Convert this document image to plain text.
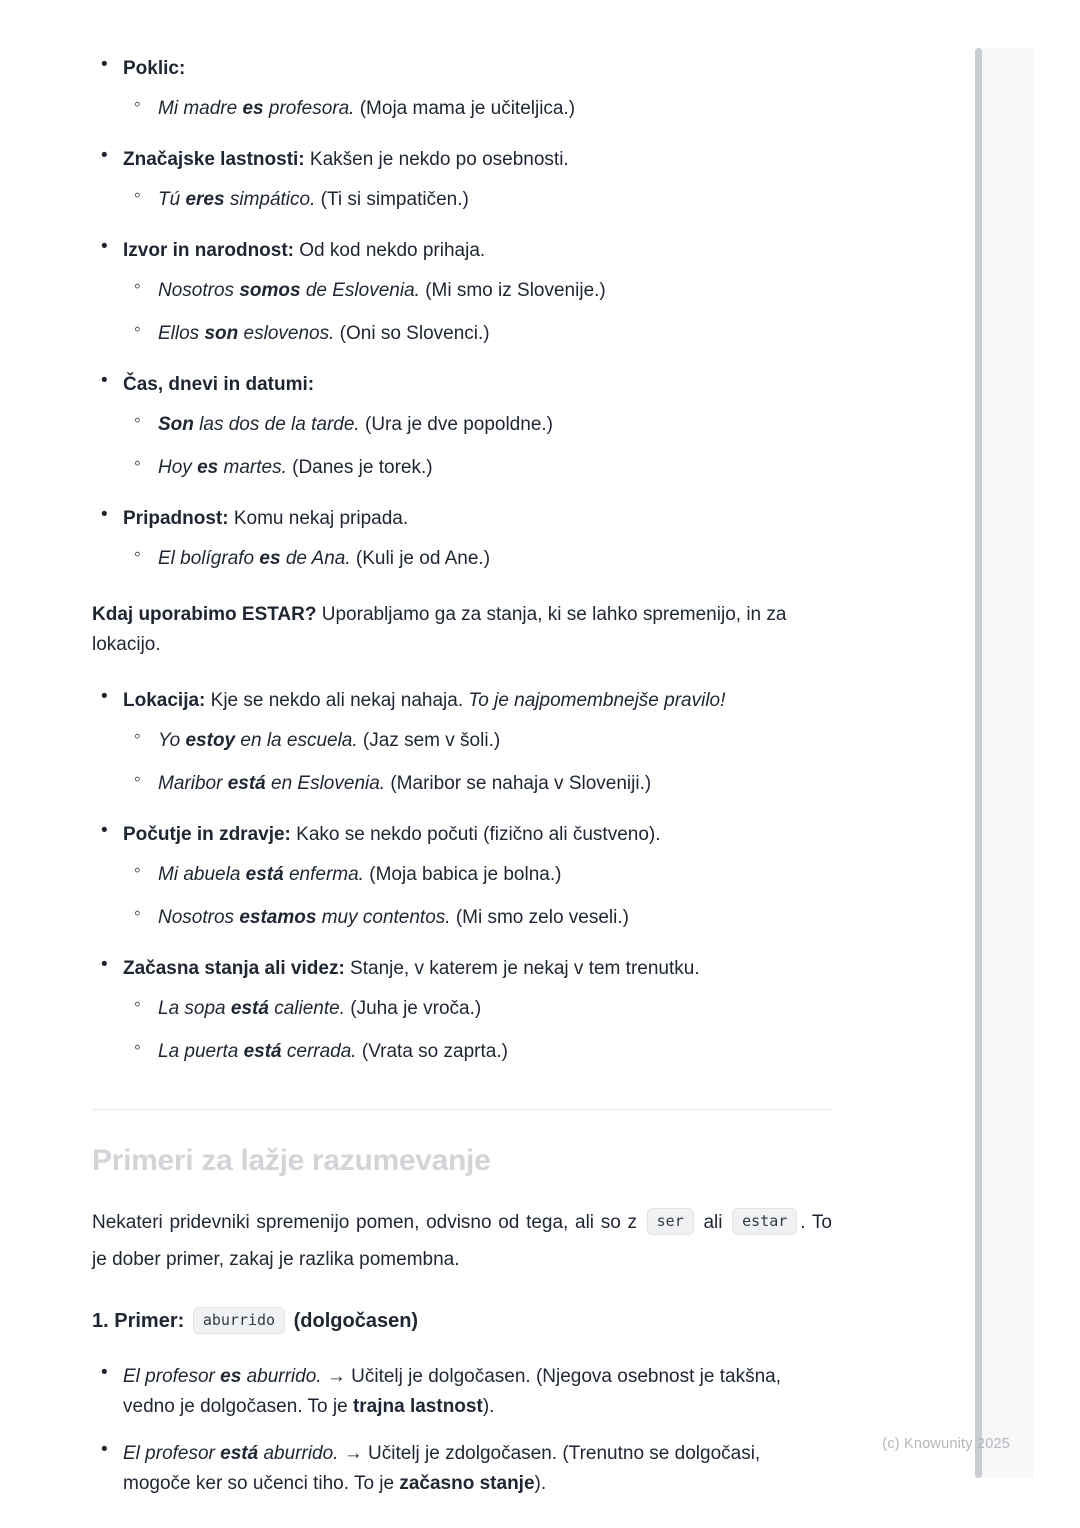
• Poklic:
◦ Mi madre es profesora. (Moja mama je učiteljica.)
• Značajske lastnosti: Kakšen je nekdo po osebnosti.
◦ Tú eres simpático. (Ti si simpatičen.)
• Izvor in narodnost: Od kod nekdo prihaja.
◦ Nosotros somos de Eslovenia. (Mi smo iz Slovenije.)
◦ Ellos son eslovenos. (Oni so Slovenci.)
• Čas, dnevi in datumi:
◦ Son las dos de la tarde. (Ura je dve popoldne.)
◦ Hoy es martes. (Danes je torek.)
• Pripadnost: Komu nekaj pripada.
◦ El bolígrafo es de Ana. (Kuli je od Ane.)

Kdaj uporabimo ESTAR? Uporabljamo ga za stanja, ki se lahko spremenijo, in za lokacijo.

• Lokacija: Kje se nekdo ali nekaj nahaja. To je najpomembnejše pravilo!
◦ Yo estoy en la escuela. (Jaz sem v šoli.)
◦ Maribor está en Eslovenia. (Maribor se nahaja v Sloveniji.)
• Počutje in zdravje: Kako se nekdo počuti (fizično ali čustveno).
◦ Mi abuela está enferma. (Moja babica je bolna.)
◦ Nosotros estamos muy contentos. (Mi smo zelo veseli.)
• Začasna stanja ali videz: Stanje, v katerem je nekaj v tem trenutku.
◦ La sopa está caliente. (Juha je vroča.)
◦ La puerta está cerrada. (Vrata so zaprta.)
Primeri za lažje razumevanje

Nekateri pridevniki spremenijo pomen, odvisno od tega, ali so z ser ali estar . To je dober primer, zakaj je razlika pomembna.

1. Primer: aburrido (dolgočasen)

• El profesor es aburrido. → Učitelj je dolgočasen. (Njegova osebnost je takšna, vedno je dolgočasen. To je trajna lastnost).
• El profesor está aburrido. → Učitelj je zdolgočasen. (Trenutno se dolgočasi, mogoče ker so učenci tiho. To je začasno stanje).
(c) Knowunity 2025
